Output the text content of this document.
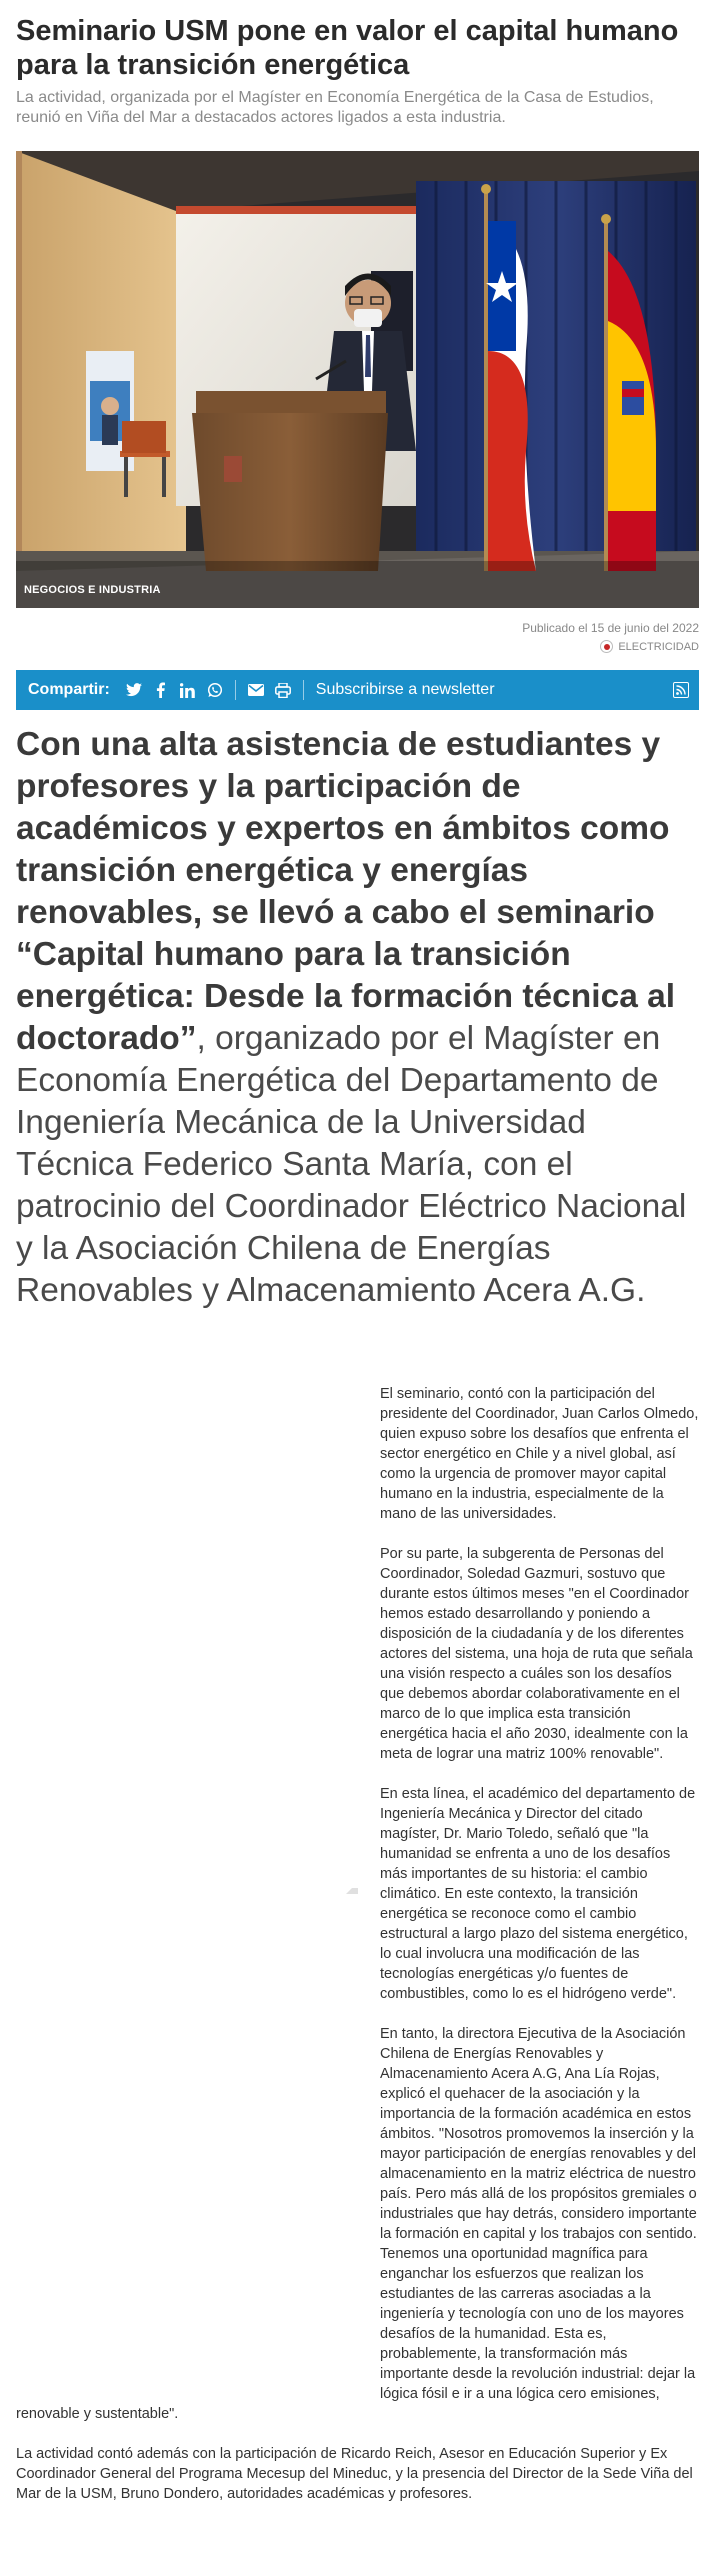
Seminario USM pone en valor el capital humano para la transición energética

La actividad, organizada por el Magíster en Economía Energética de la Casa de Estudios, reunió en Viña del Mar a destacados actores ligados a esta industria.

NEGOCIOS E INDUSTRIA
Publicado el 15 de junio del 2022
ELECTRICIDAD
Compartir:	Subscribirse a newsletter
Con una alta asistencia de estudiantes y profesores y la participación de académicos y expertos en ámbitos como transición energética y energías renovables, se llevó a cabo el seminario “Capital humano para la transición energética: Desde la formación técnica al doctorado”, organizado por el Magíster en Economía Energética del Departamento de Ingeniería Mecánica de la Universidad Técnica Federico Santa María, con el patrocinio del Coordinador Eléctrico Nacional y la Asociación Chilena de Energías Renovables y Almacenamiento Acera A.G.

El seminario, contó con la participación del presidente del Coordinador, Juan Carlos Olmedo, quien expuso sobre los desafíos que enfrenta el sector energético en Chile y a nivel global, así como la urgencia de promover mayor capital humano en la industria, especialmente de la mano de las universidades.

Por su parte, la subgerenta de Personas del Coordinador, Soledad Gazmuri, sostuvo que durante estos últimos meses "en el Coordinador hemos estado desarrollando y poniendo a disposición de la ciudadanía y de los diferentes actores del sistema, una hoja de ruta que señala una visión respecto a cuáles son los desafíos que debemos abordar colaborativamente en el marco de lo que implica esta transición energética hacia el año 2030, idealmente con la meta de lograr una matriz 100% renovable".

En esta línea, el académico del departamento de Ingeniería Mecánica y Director del citado magíster, Dr. Mario Toledo, señaló que "la humanidad se enfrenta a uno de los desafíos más importantes de su historia: el cambio climático. En este contexto, la transición energética se reconoce como el cambio estructural a largo plazo del sistema energético, lo cual involucra una modificación de las tecnologías energéticas y/o fuentes de combustibles, como lo es el hidrógeno verde".

En tanto, la directora Ejecutiva de la Asociación Chilena de Energías Renovables y Almacenamiento Acera A.G, Ana Lía Rojas, explicó el quehacer de la asociación y la importancia de la formación académica en estos ámbitos. "Nosotros promovemos la inserción y la mayor participación de energías renovables y del almacenamiento en la matriz eléctrica de nuestro país. Pero más allá de los propósitos gremiales o industriales que hay detrás, considero importante la formación en capital y los trabajos con sentido. Tenemos una oportunidad magnífica para enganchar los esfuerzos que realizan los estudiantes de las carreras asociadas a la ingeniería y tecnología con uno de los mayores desafíos de la humanidad. Esta es, probablemente, la transformación más importante desde la revolución industrial: dejar la lógica fósil e ir a una lógica cero emisiones, renovable y sustentable".

La actividad contó además con la participación de Ricardo Reich, Asesor en Educación Superior y Ex Coordinador General del Programa Mecesup del Mineduc, y la presencia del Director de la Sede Viña del Mar de la USM, Bruno Dondero, autoridades académicas y profesores.
